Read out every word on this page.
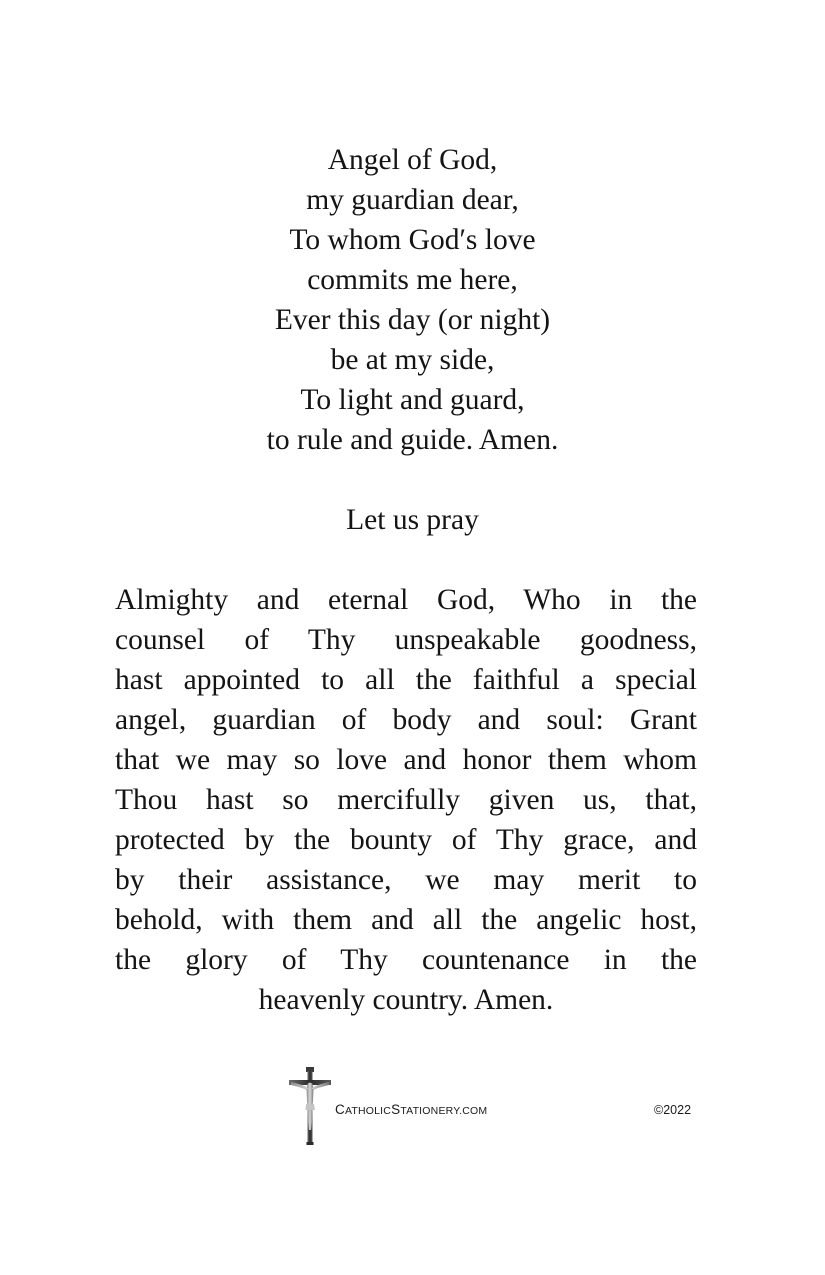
Angel of God,
my guardian dear,
To whom God′s love
commits me here,
Ever this day (or night)
be at my side,
To light and guard,
to rule and guide. Amen.
Let us pray
Almighty and eternal God, Who in the
counsel of Thy unspeakable goodness,
hast appointed to all the faithful a special
angel, guardian of body and soul: Grant
that we may so love and honor them whom
Thou hast so mercifully given us, that,
protected by the bounty of Thy grace, and
by their assistance, we may merit to
behold, with them and all the angelic host,
the glory of Thy countenance in the
heavenly country. Amen.
CATHOLICSTATIONERY.COM	©2022
